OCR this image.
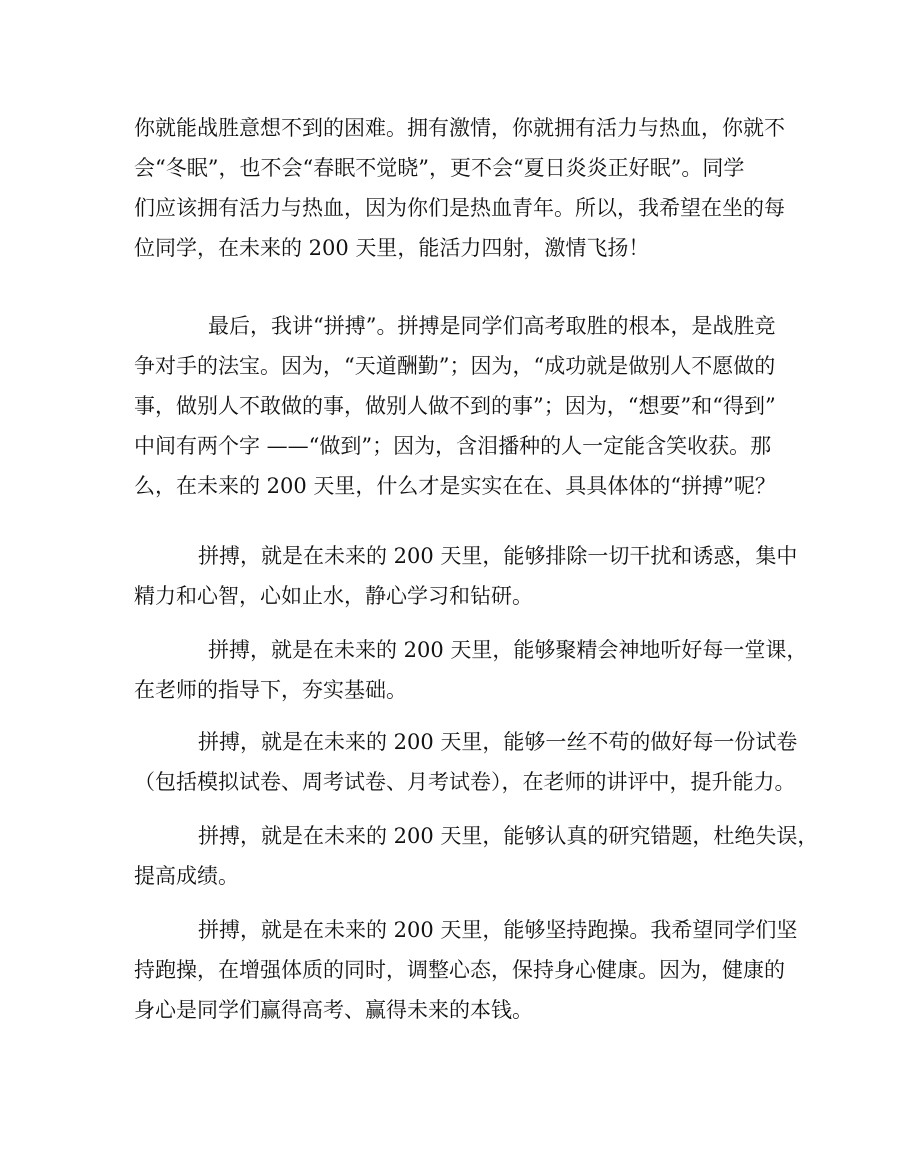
你就能战胜意想不到的困难。拥有激情，你就拥有活力与热血，你就不
会“冬眠”，也不会“春眠不觉晓”，更不会“夏日炎炎正好眠”。同学
们应该拥有活力与热血，因为你们是热血青年。所以，我希望在坐的每
位同学，在未来的 200 天里，能活力四射，激情飞扬！
最后，我讲“拼搏”。拼搏是同学们高考取胜的根本，是战胜竞
争对手的法宝。因为，“天道酬勤”；因为，“成功就是做别人不愿做的
事，做别人不敢做的事，做别人做不到的事”；因为，“想要”和“得到”
中间有两个字 ——“做到”；因为，含泪播种的人一定能含笑收获。那
么，在未来的 200 天里，什么才是实实在在、具具体体的“拼搏”呢？
拼搏，就是在未来的 200 天里，能够排除一切干扰和诱惑，集中
精力和心智，心如止水，静心学习和钻研。
拼搏，就是在未来的 200 天里，能够聚精会神地听好每一堂课，
在老师的指导下，夯实基础。
拼搏，就是在未来的 200 天里，能够一丝不苟的做好每一份试卷
（包括模拟试卷、周考试卷、月考试卷），在老师的讲评中，提升能力。
拼搏，就是在未来的 200 天里，能够认真的研究错题，杜绝失误，
提高成绩。
拼搏，就是在未来的 200 天里，能够坚持跑操。我希望同学们坚
持跑操，在增强体质的同时，调整心态，保持身心健康。因为，健康的
身心是同学们赢得高考、赢得未来的本钱。
